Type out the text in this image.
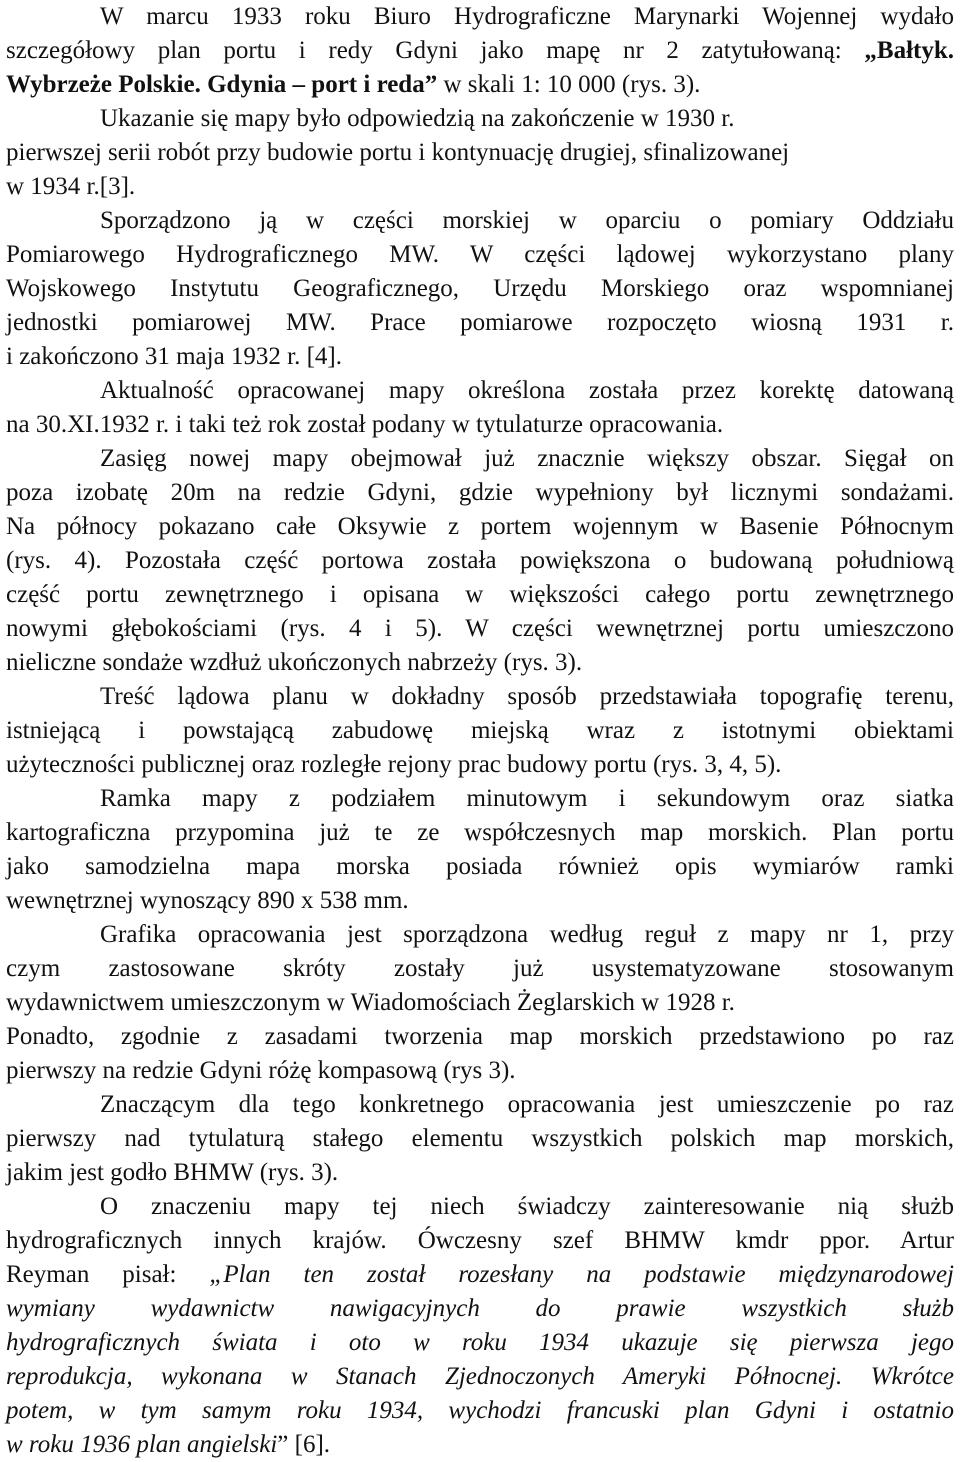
W marcu 1933 roku Biuro Hydrograficzne Marynarki Wojennej wydało
szczegółowy plan portu i redy Gdyni jako mapę nr 2 zatytułowaną: „Bałtyk.
Wybrzeże Polskie. Gdynia – port i reda” w skali 1: 10 000 (rys. 3).
Ukazanie się mapy było odpowiedzią na zakończenie w 1930 r.
pierwszej serii robót przy budowie portu i kontynuację drugiej, sfinalizowanej
w 1934 r.[3].
Sporządzono ją w części morskiej w oparciu o pomiary Oddziału
Pomiarowego Hydrograficznego MW. W części lądowej wykorzystano plany
Wojskowego Instytutu Geograficznego, Urzędu Morskiego oraz wspomnianej
jednostki pomiarowej MW. Prace pomiarowe rozpoczęto wiosną 1931 r.
i zakończono 31 maja 1932 r. [4].
Aktualność opracowanej mapy określona została przez korektę datowaną
na 30.XI.1932 r. i taki też rok został podany w tytulaturze opracowania.
Zasięg nowej mapy obejmował już znacznie większy obszar. Sięgał on
poza izobatę 20m na redzie Gdyni, gdzie wypełniony był licznymi sondażami.
Na północy pokazano całe Oksywie z portem wojennym w Basenie Północnym
(rys. 4). Pozostała część portowa została powiększona o budowaną południową
część portu zewnętrznego i opisana w większości całego portu zewnętrznego
nowymi głębokościami (rys. 4 i 5). W części wewnętrznej portu umieszczono
nieliczne sondaże wzdłuż ukończonych nabrzeży (rys. 3).
Treść lądowa planu w dokładny sposób przedstawiała topografię terenu,
istniejącą i powstającą zabudowę miejską wraz z istotnymi obiektami
użyteczności publicznej oraz rozległe rejony prac budowy portu (rys. 3, 4, 5).
Ramka mapy z podziałem minutowym i sekundowym oraz siatka
kartograficzna przypomina już te ze współczesnych map morskich. Plan portu
jako samodzielna mapa morska posiada również opis wymiarów ramki
wewnętrznej wynoszący 890 x 538 mm.
Grafika opracowania jest sporządzona według reguł z mapy nr 1, przy
czym zastosowane skróty zostały już usystematyzowane stosowanym
wydawnictwem umieszczonym w Wiadomościach Żeglarskich w 1928 r.
Ponadto, zgodnie z zasadami tworzenia map morskich przedstawiono po raz
pierwszy na redzie Gdyni różę kompasową (rys 3).
Znaczącym dla tego konkretnego opracowania jest umieszczenie po raz
pierwszy nad tytulaturą stałego elementu wszystkich polskich map morskich,
jakim jest godło BHMW (rys. 3).
O znaczeniu mapy tej niech świadczy zainteresowanie nią służb
hydrograficznych innych krajów. Ówczesny szef BHMW kmdr ppor. Artur
Reyman pisał: „Plan ten został rozesłany na podstawie międzynarodowej
wymiany wydawnictw nawigacyjnych do prawie wszystkich służb
hydrograficznych świata i oto w roku 1934 ukazuje się pierwsza jego
reprodukcja, wykonana w Stanach Zjednoczonych Ameryki Północnej. Wkrótce
potem, w tym samym roku 1934, wychodzi francuski plan Gdyni i ostatnio
w roku 1936 plan angielski” [6].
